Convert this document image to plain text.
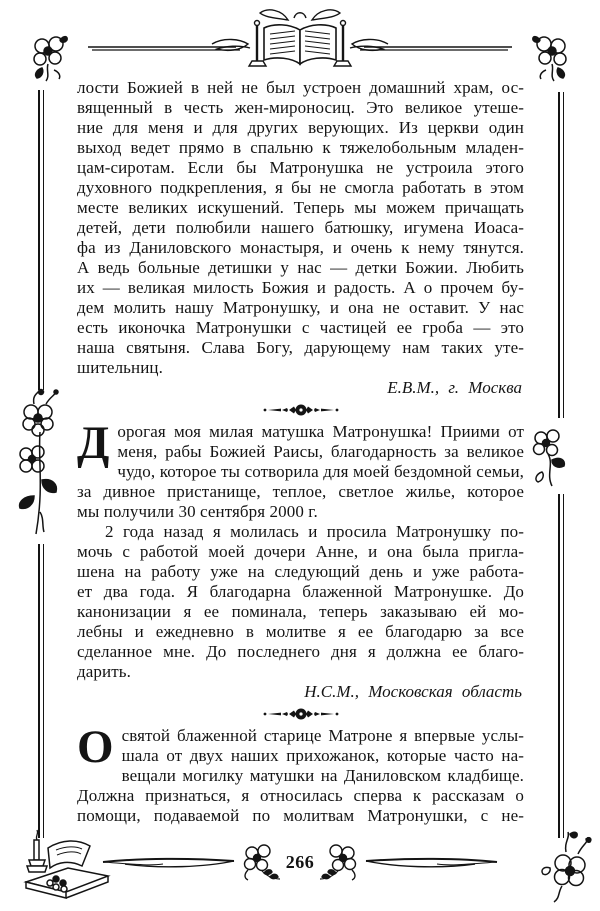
лости Божией в ней не был устроен домашний храм, ос-
вященный в честь жен-мироносиц. Это великое утеше-
ние для меня и для других верующих. Из церкви один
выход ведет прямо в спальню к тяжелобольным младен-
цам-сиротам. Если бы Матронушка не устроила этого
духовного подкрепления, я бы не смогла работать в этом
месте великих искушений. Теперь мы можем причащать
детей, дети полюбили нашего батюшку, игумена Иоаса-
фа из Даниловского монастыря, и очень к нему тянутся.
А ведь больные детишки у нас — детки Божии. Любить
их — великая милость Божия и радость. А о прочем бу-
дем молить нашу Матронушку, и она не оставит. У нас
есть иконочка Матронушки с частицей ее гроба — это
наша святыня. Слава Богу, дарующему нам таких уте-
шительниц.
Е.В.М., г. Москва
Д орогая моя милая матушка Матронушка! Приими от
меня, рабы Божией Раисы, благодарность за великое
чудо, которое ты сотворила для моей бездомной семьи,
за дивное пристанище, теплое, светлое жилье, которое
мы получили 30 сентября 2000 г.
2 года назад я молилась и просила Матронушку по-
мочь с работой моей дочери Анне, и она была пригла-
шена на работу уже на следующий день и уже работа-
ет два года. Я благодарна блаженной Матронушке. До
канонизации я ее поминала, теперь заказываю ей мо-
лебны и ежедневно в молитве я ее благодарю за все
сделанное мне. До последнего дня я должна ее благо-
дарить.
Н.С.М., Московская область
О святой блаженной старице Матроне я впервые услы-
шала от двух наших прихожанок, которые часто на-
вещали могилку матушки на Даниловском кладбище.
Должна признаться, я относилась сперва к рассказам о
помощи, подаваемой по молитвам Матронушки, с не-
266
